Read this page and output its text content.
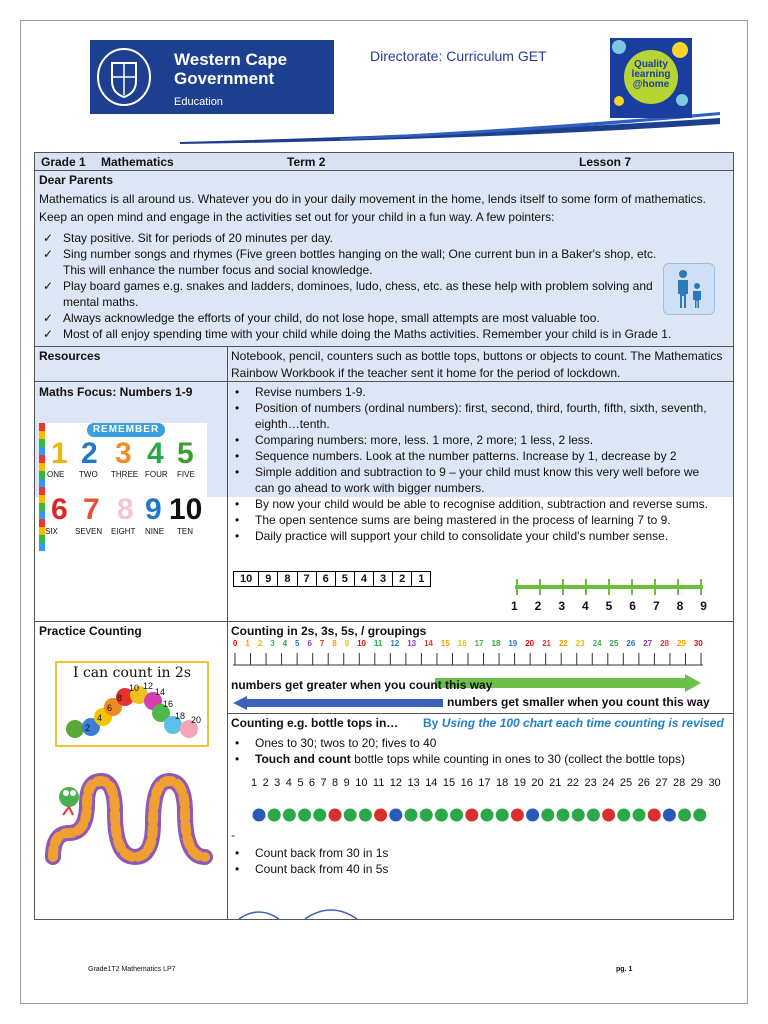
Western Cape
Government
Education
Directorate: Curriculum GET
Quality
learning
@home
Grade 1 Mathematics	Term 2	Lesson 7
Dear Parents
Mathematics is all around us. Whatever you do in your daily movement in the home, lends itself to some form of mathematics. Keep an open mind and engage in the activities set out for your child in a fun way. A few pointers:
✓ Stay positive. Sit for periods of 20 minutes per day.
✓ Sing number songs and rhymes (Five green bottles hanging on the wall; One current bun in a Baker's shop, etc. This will enhance the number focus and social knowledge.
✓ Play board games e.g. snakes and ladders, dominoes, ludo, chess, etc. as these help with problem solving and mental maths.
✓ Always acknowledge the efforts of your child, do not lose hope, small attempts are most valuable too.
✓ Most of all enjoy spending time with your child while doing the Maths activities. Remember your child is in Grade 1.
Resources	Notebook, pencil, counters such as bottle tops, buttons or objects to count. The Mathematics Rainbow Workbook if the teacher sent it home for the period of lockdown.
Maths Focus: Numbers 1-9
REMEMBER
1 2 3 4 5
ONE TWO THREE FOUR FIVE
6 7 8 9 10
SIX SEVEN EIGHT NINE TEN
• Revise numbers 1-9.
• Position of numbers (ordinal numbers): first, second, third, fourth, fifth, sixth, seventh, eighth…tenth.
• Comparing numbers: more, less. 1 more, 2 more; 1 less, 2 less.
• Sequence numbers. Look at the number patterns. Increase by 1, decrease by 2
• Simple addition and subtraction to 9 – your child must know this very well before we can go ahead to work with bigger numbers.
• By now your child would be able to recognise addition, subtraction and reverse sums.
• The open sentence sums are being mastered in the process of learning 7 to 9.
• Daily practice will support your child to consolidate your child's number sense.
10	9	8	7	6	5	4	3	2	1
1 2 3 4 5 6 7 8 9
Practice Counting
I can count in 2s
2
4
6
8
10 12
14
16
18 20
Counting in 2s, 3s, 5s, / groupings
0 1 2 3 4 5 6 7 8 9 10 11 12 13 14 15 16 17 18 19 20 21 22 23 24 25 26 27 28 29 30
numbers get greater when you count this way
numbers get smaller when you count this way
Counting e.g. bottle tops in… By Using the 100 chart each time counting is revised
• Ones to 30; twos to 20; fives to 40
• Touch and count bottle tops while counting in ones to 30 (collect the bottle tops)
1 2 3 4 5 6 7 8 9 10 11 12 13 14 15 16 17 18 19 20 21 22 23 24 25 26 27 28 29 30
-
• Count back from 30 in 1s
• Count back from 40 in 5s
Grade1T2 Mathematics LP7	pg. 1
